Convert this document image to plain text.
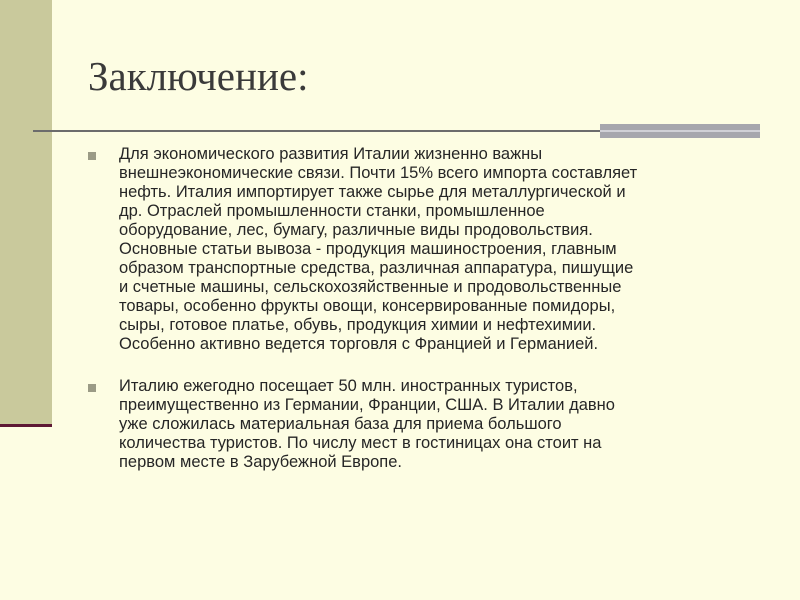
Заключение:
Для экономического развития Италии жизненно важны
внешнеэкономические связи. Почти 15% всего импорта составляет
нефть. Италия импортирует также сырье для металлургической и
др. Отраслей промышленности станки, промышленное
оборудование, лес, бумагу, различные виды продовольствия.
Основные статьи вывоза - продукция машиностроения, главным
образом транспортные средства, различная аппаратура, пишущие
и счетные машины, сельскохозяйственные и продовольственные
товары, особенно фрукты овощи, консервированные помидоры,
сыры, готовое платье, обувь, продукция химии и нефтехимии.
Особенно активно ведется торговля с Францией и Германией.
Италию ежегодно посещает 50 млн. иностранных туристов,
преимущественно из Германии, Франции, США. В Италии давно
уже сложилась материальная база для приема большого
количества туристов. По числу мест в гостиницах она стоит на
первом месте в Зарубежной Европе.
